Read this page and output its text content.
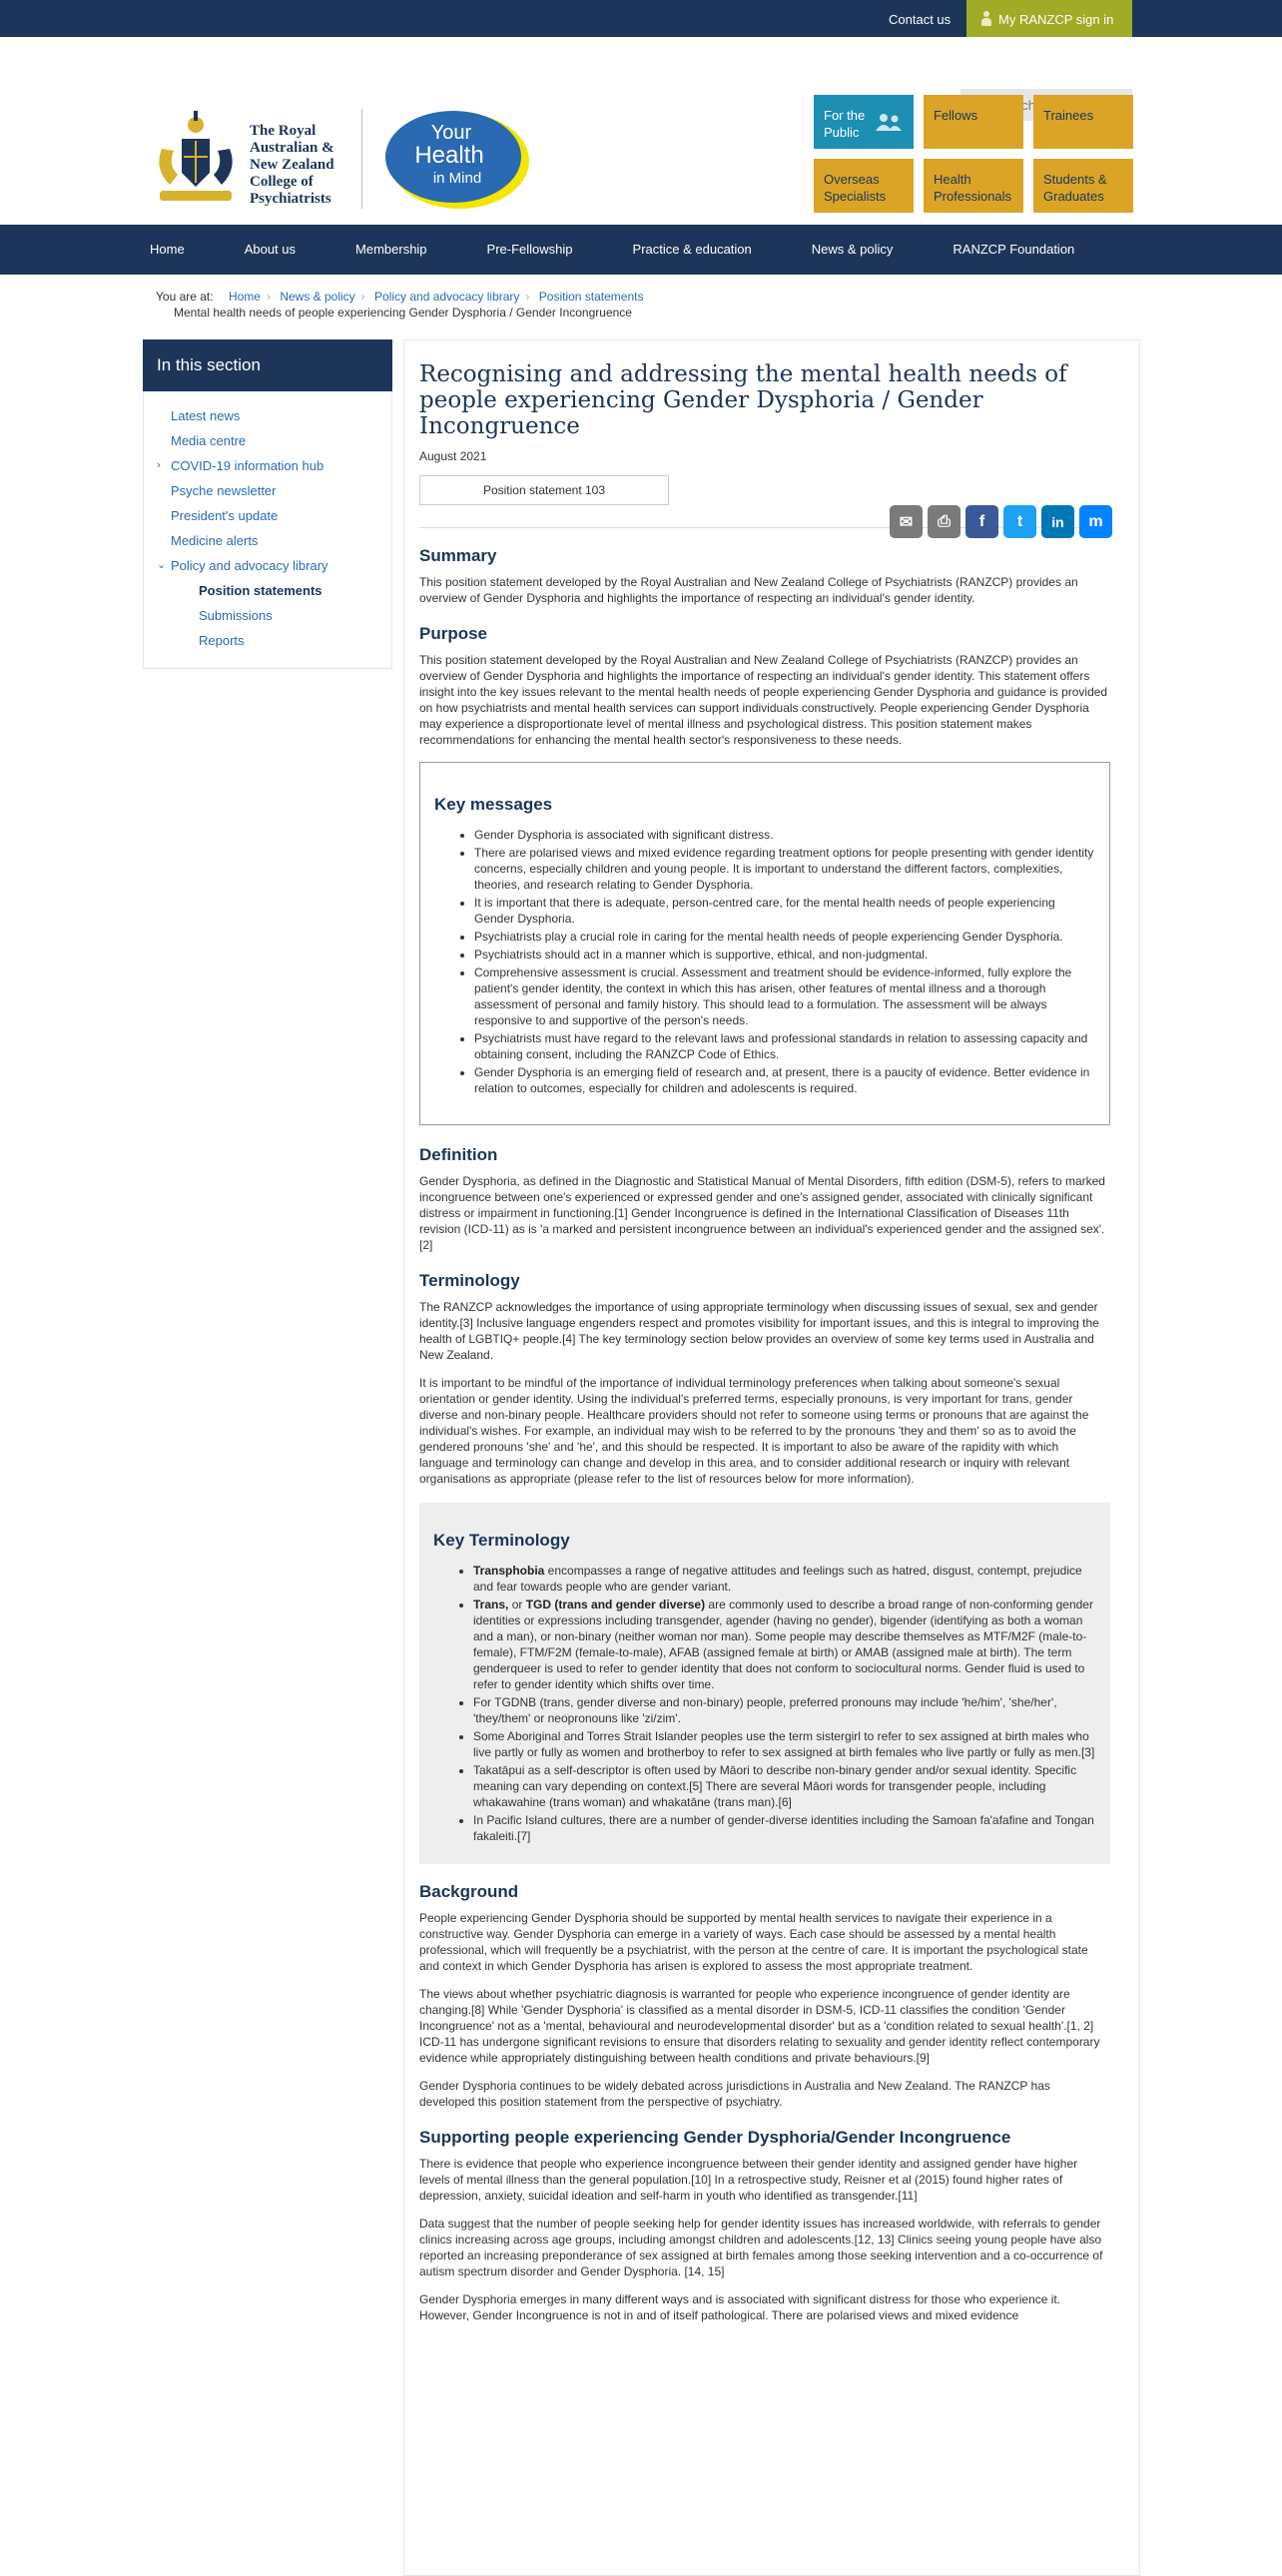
Contact us	My RANZCP sign in
The Royal Australian & New Zealand College of Psychiatrists
Your
Health
in Mind
Site search
For the Public
Fellows	Trainees
Overseas Specialists
Health Professionals
Students & Graduates
Home	About us	Membership	Pre-Fellowship	Practice & education	News & policy	RANZCP Foundation
You are at: Home › News & policy › Policy and advocacy library › Position statements
Mental health needs of people experiencing Gender Dysphoria / Gender Incongruence
In this section
Latest news
Media centre
› COVID-19 information hub
Psyche newsletter
President's update
Medicine alerts
⌄ Policy and advocacy library
Position statements
Submissions
Reports
Recognising and addressing the mental health needs of people experiencing Gender Dysphoria / Gender Incongruence
August 2021
Position statement 103
✉	⎙	f	t	in	m
Summary

This position statement developed by the Royal Australian and New Zealand College of Psychiatrists (RANZCP) provides an overview of Gender Dysphoria and highlights the importance of respecting an individual's gender identity.

Purpose

This position statement developed by the Royal Australian and New Zealand College of Psychiatrists (RANZCP) provides an overview of Gender Dysphoria and highlights the importance of respecting an individual's gender identity. This statement offers insight into the key issues relevant to the mental health needs of people experiencing Gender Dysphoria and guidance is provided on how psychiatrists and mental health services can support individuals constructively. People experiencing Gender Dysphoria may experience a disproportionate level of mental illness and psychological distress. This position statement makes recommendations for enhancing the mental health sector's responsiveness to these needs.

Key messages
• Gender Dysphoria is associated with significant distress.
• There are polarised views and mixed evidence regarding treatment options for people presenting with gender identity concerns, especially children and young people. It is important to understand the different factors, complexities, theories, and research relating to Gender Dysphoria.
• It is important that there is adequate, person-centred care, for the mental health needs of people experiencing Gender Dysphoria.
• Psychiatrists play a crucial role in caring for the mental health needs of people experiencing Gender Dysphoria.
• Psychiatrists should act in a manner which is supportive, ethical, and non-judgmental.
• Comprehensive assessment is crucial. Assessment and treatment should be evidence-informed, fully explore the patient's gender identity, the context in which this has arisen, other features of mental illness and a thorough assessment of personal and family history. This should lead to a formulation. The assessment will be always responsive to and supportive of the person's needs.
• Psychiatrists must have regard to the relevant laws and professional standards in relation to assessing capacity and obtaining consent, including the RANZCP Code of Ethics.
• Gender Dysphoria is an emerging field of research and, at present, there is a paucity of evidence. Better evidence in relation to outcomes, especially for children and adolescents is required.
Definition

Gender Dysphoria, as defined in the Diagnostic and Statistical Manual of Mental Disorders, fifth edition (DSM-5), refers to marked incongruence between one's experienced or expressed gender and one's assigned gender, associated with clinically significant distress or impairment in functioning.[1] Gender Incongruence is defined in the International Classification of Diseases 11th revision (ICD-11) as is 'a marked and persistent incongruence between an individual's experienced gender and the assigned sex'.[2]

Terminology

The RANZCP acknowledges the importance of using appropriate terminology when discussing issues of sexual, sex and gender identity.[3] Inclusive language engenders respect and promotes visibility for important issues, and this is integral to improving the health of LGBTIQ+ people.[4] The key terminology section below provides an overview of some key terms used in Australia and New Zealand.

It is important to be mindful of the importance of individual terminology preferences when talking about someone's sexual orientation or gender identity. Using the individual's preferred terms, especially pronouns, is very important for trans, gender diverse and non-binary people. Healthcare providers should not refer to someone using terms or pronouns that are against the individual's wishes. For example, an individual may wish to be referred to by the pronouns 'they and them' so as to avoid the gendered pronouns 'she' and 'he', and this should be respected. It is important to also be aware of the rapidity with which language and terminology can change and develop in this area, and to consider additional research or inquiry with relevant organisations as appropriate (please refer to the list of resources below for more information).

Key Terminology
• Transphobia encompasses a range of negative attitudes and feelings such as hatred, disgust, contempt, prejudice and fear towards people who are gender variant.
• Trans, or TGD (trans and gender diverse) are commonly used to describe a broad range of non-conforming gender identities or expressions including transgender, agender (having no gender), bigender (identifying as both a woman and a man), or non-binary (neither woman nor man). Some people may describe themselves as MTF/M2F (male-to-female), FTM/F2M (female-to-male), AFAB (assigned female at birth) or AMAB (assigned male at birth). The term genderqueer is used to refer to gender identity that does not conform to sociocultural norms. Gender fluid is used to refer to gender identity which shifts over time.
• For TGDNB (trans, gender diverse and non-binary) people, preferred pronouns may include 'he/him', 'she/her', 'they/them' or neopronouns like 'zi/zim'.
• Some Aboriginal and Torres Strait Islander peoples use the term sistergirl to refer to sex assigned at birth males who live partly or fully as women and brotherboy to refer to sex assigned at birth females who live partly or fully as men.[3]
• Takatāpui as a self-descriptor is often used by Māori to describe non-binary gender and/or sexual identity. Specific meaning can vary depending on context.[5] There are several Māori words for transgender people, including whakawahine (trans woman) and whakatāne (trans man).[6]
• In Pacific Island cultures, there are a number of gender-diverse identities including the Samoan fa'afafine and Tongan fakaleiti.[7]
Background

People experiencing Gender Dysphoria should be supported by mental health services to navigate their experience in a constructive way. Gender Dysphoria can emerge in a variety of ways. Each case should be assessed by a mental health professional, which will frequently be a psychiatrist, with the person at the centre of care. It is important the psychological state and context in which Gender Dysphoria has arisen is explored to assess the most appropriate treatment.

The views about whether psychiatric diagnosis is warranted for people who experience incongruence of gender identity are changing.[8] While 'Gender Dysphoria' is classified as a mental disorder in DSM-5, ICD-11 classifies the condition 'Gender Incongruence' not as a 'mental, behavioural and neurodevelopmental disorder' but as a 'condition related to sexual health'.[1, 2] ICD-11 has undergone significant revisions to ensure that disorders relating to sexuality and gender identity reflect contemporary evidence while appropriately distinguishing between health conditions and private behaviours.[9]

Gender Dysphoria continues to be widely debated across jurisdictions in Australia and New Zealand. The RANZCP has developed this position statement from the perspective of psychiatry.

Supporting people experiencing Gender Dysphoria/Gender Incongruence

There is evidence that people who experience incongruence between their gender identity and assigned gender have higher levels of mental illness than the general population.[10] In a retrospective study, Reisner et al (2015) found higher rates of depression, anxiety, suicidal ideation and self-harm in youth who identified as transgender.[11]

Data suggest that the number of people seeking help for gender identity issues has increased worldwide, with referrals to gender clinics increasing across age groups, including amongst children and adolescents.[12, 13] Clinics seeing young people have also reported an increasing preponderance of sex assigned at birth females among those seeking intervention and a co-occurrence of autism spectrum disorder and Gender Dysphoria. [14, 15]

Gender Dysphoria emerges in many different ways and is associated with significant distress for those who experience it. However, Gender Incongruence is not in and of itself pathological. There are polarised views and mixed evidence
